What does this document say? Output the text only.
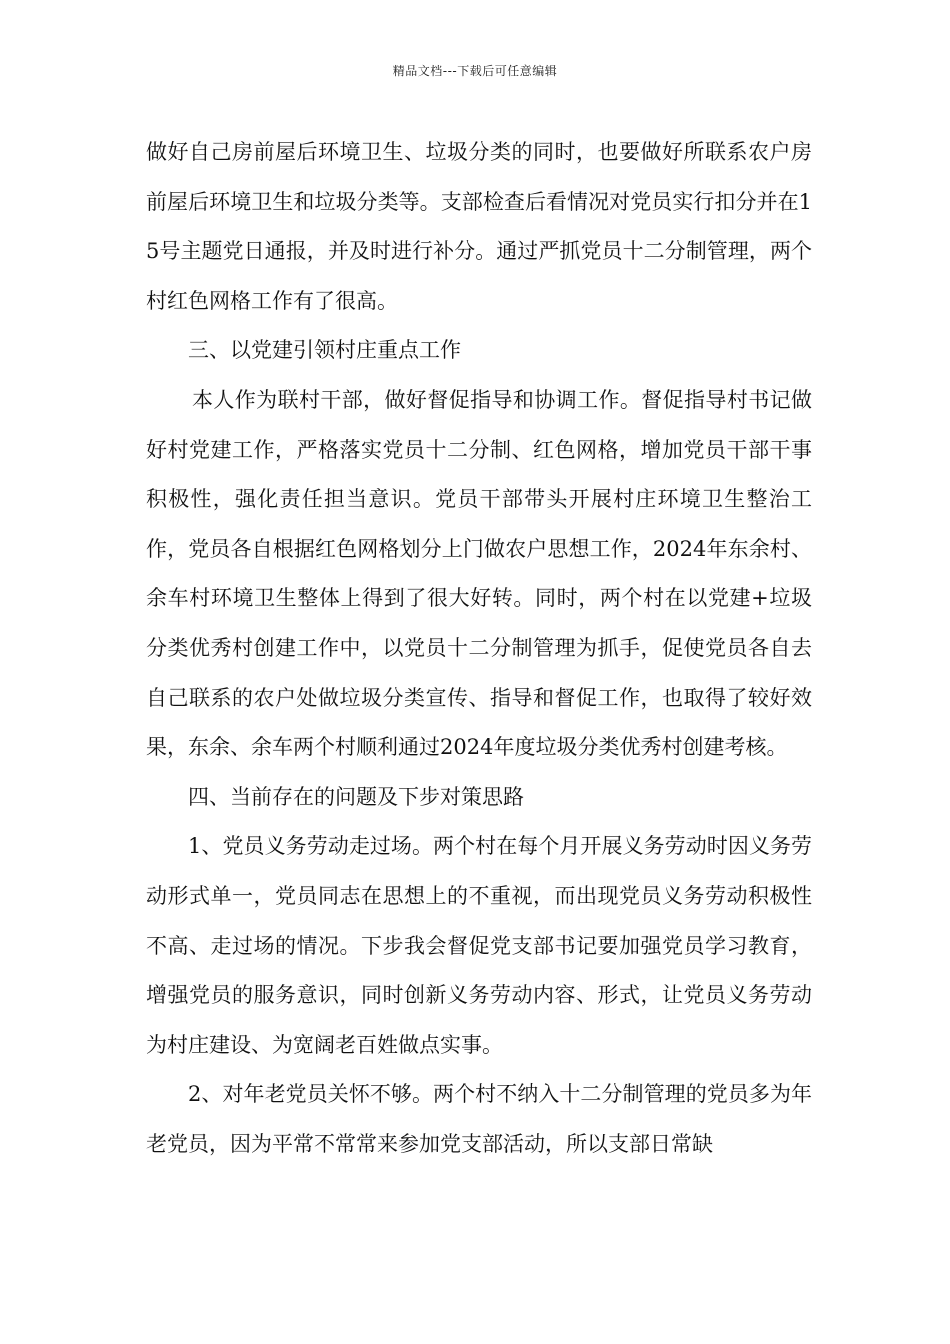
精品文档---下载后可任意编辑

做好自己房前屋后环境卫生、垃圾分类的同时，也要做好所联系农户房前屋后环境卫生和垃圾分类等。支部检查后看情况对党员实行扣分并在15号主题党日通报，并及时进行补分。通过严抓党员十二分制管理，两个村红色网格工作有了很高。

三、以党建引领村庄重点工作

本人作为联村干部，做好督促指导和协调工作。督促指导村书记做好村党建工作，严格落实党员十二分制、红色网格，增加党员干部干事积极性，强化责任担当意识。党员干部带头开展村庄环境卫生整治工作，党员各自根据红色网格划分上门做农户思想工作，2024年东余村、余车村环境卫生整体上得到了很大好转。同时，两个村在以党建+垃圾分类优秀村创建工作中，以党员十二分制管理为抓手，促使党员各自去自己联系的农户处做垃圾分类宣传、指导和督促工作，也取得了较好效果，东余、余车两个村顺利通过2024年度垃圾分类优秀村创建考核。

四、当前存在的问题及下步对策思路

1、党员义务劳动走过场。两个村在每个月开展义务劳动时因义务劳动形式单一，党员同志在思想上的不重视，而出现党员义务劳动积极性不高、走过场的情况。下步我会督促党支部书记要加强党员学习教育，增强党员的服务意识，同时创新义务劳动内容、形式，让党员义务劳动为村庄建设、为宽阔老百姓做点实事。

2、对年老党员关怀不够。两个村不纳入十二分制管理的党员多为年老党员，因为平常不常常来参加党支部活动，所以支部日常缺
